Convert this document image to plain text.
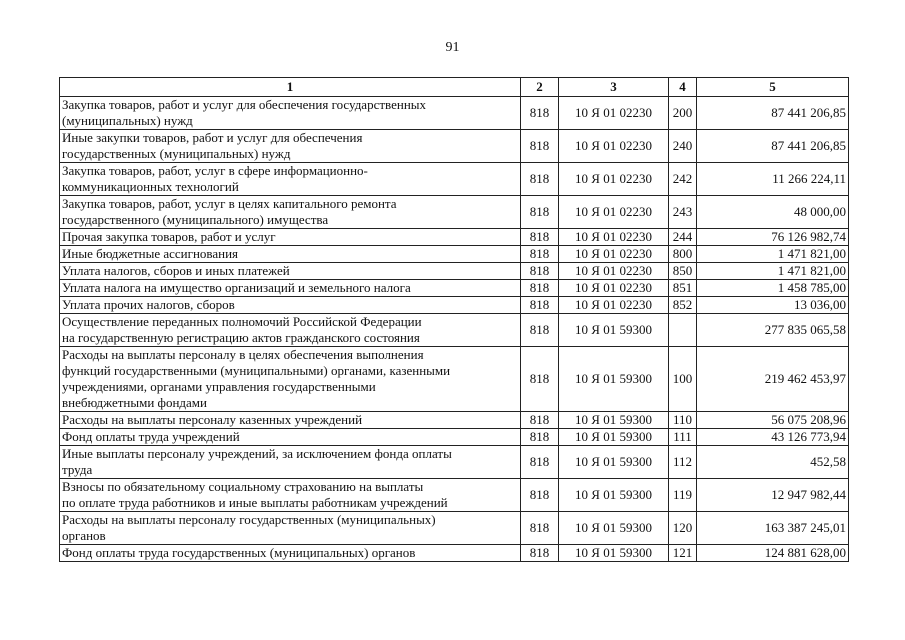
91
1	2	3	4	5
Закупка товаров, работ и услуг для обеспечения государственных
(муниципальных) нужд	818	10 Я 01 02230	200	87 441 206,85
Иные закупки товаров, работ и услуг для обеспечения
государственных (муниципальных) нужд	818	10 Я 01 02230	240	87 441 206,85
Закупка товаров, работ, услуг в сфере информационно-
коммуникационных технологий	818	10 Я 01 02230	242	11 266 224,11
Закупка товаров, работ, услуг в целях капитального ремонта
государственного (муниципального) имущества	818	10 Я 01 02230	243	48 000,00
Прочая закупка товаров, работ и услуг	818	10 Я 01 02230	244	76 126 982,74
Иные бюджетные ассигнования	818	10 Я 01 02230	800	1 471 821,00
Уплата налогов, сборов и иных платежей	818	10 Я 01 02230	850	1 471 821,00
Уплата налога на имущество организаций и земельного налога	818	10 Я 01 02230	851	1 458 785,00
Уплата прочих налогов, сборов	818	10 Я 01 02230	852	13 036,00
Осуществление переданных полномочий Российской Федерации
на государственную регистрацию актов гражданского состояния	818	10 Я 01 59300		277 835 065,58
Расходы на выплаты персоналу в целях обеспечения выполнения
функций государственными (муниципальными) органами, казенными
учреждениями, органами управления государственными
внебюджетными фондами	818	10 Я 01 59300	100	219 462 453,97
Расходы на выплаты персоналу казенных учреждений	818	10 Я 01 59300	110	56 075 208,96
Фонд оплаты труда учреждений	818	10 Я 01 59300	111	43 126 773,94
Иные выплаты персоналу учреждений, за исключением фонда оплаты
труда	818	10 Я 01 59300	112	452,58
Взносы по обязательному социальному страхованию на выплаты
по оплате труда работников и иные выплаты работникам учреждений	818	10 Я 01 59300	119	12 947 982,44
Расходы на выплаты персоналу государственных (муниципальных)
органов	818	10 Я 01 59300	120	163 387 245,01
Фонд оплаты труда государственных (муниципальных) органов	818	10 Я 01 59300	121	124 881 628,00
